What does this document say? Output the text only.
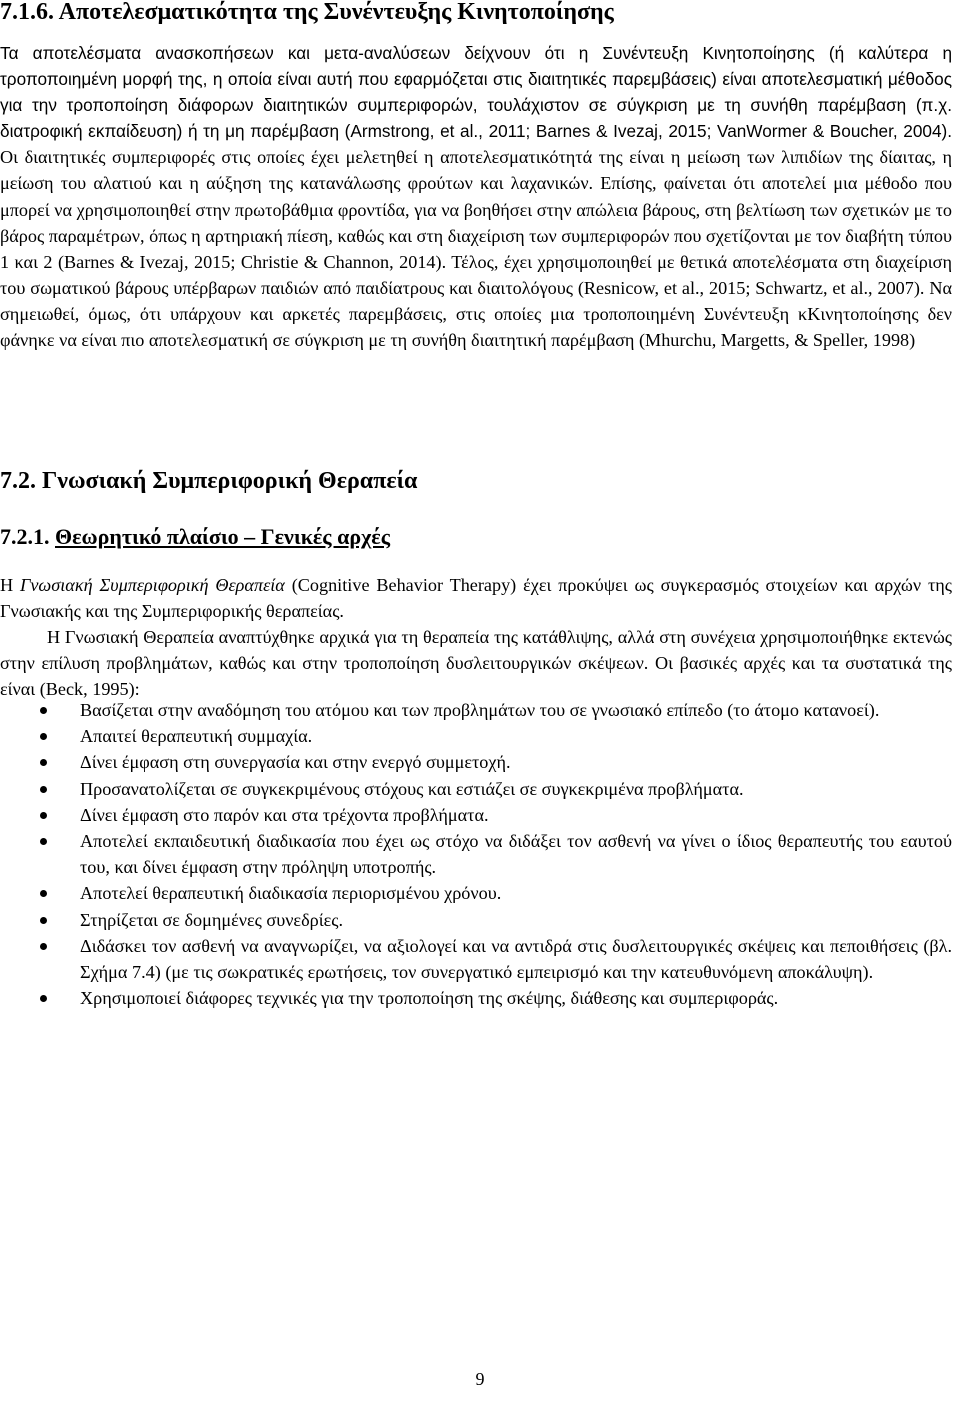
7.1.6. Αποτελεσματικότητα της Συνέντευξης Κινητοποίησης

Τα αποτελέσματα ανασκοπήσεων και μετα-αναλύσεων δείχνουν ότι η Συνέντευξη Κινητοποίησης (ή καλύτερα η τροποποιημένη μορφή της, η οποία είναι αυτή που εφαρμόζεται στις διαιτητικές παρεμβάσεις) είναι αποτελεσματική μέθοδος για την τροποποίηση διάφορων διαιτητικών συμπεριφορών, τουλάχιστον σε σύγκριση με τη συνήθη παρέμβαση (π.χ. διατροφική εκπαίδευση) ή τη μη παρέμβαση (Armstrong, et al., 2011; Barnes & Ivezaj, 2015; VanWormer & Boucher, 2004). Οι διαιτητικές συμπεριφορές στις οποίες έχει μελετηθεί η αποτελεσματικότητά της είναι η μείωση των λιπιδίων της δίαιτας, η μείωση του αλατιού και η αύξηση της κατανάλωσης φρούτων και λαχανικών. Επίσης, φαίνεται ότι αποτελεί μια μέθοδο που μπορεί να χρησιμοποιηθεί στην πρωτοβάθμια φροντίδα, για να βοηθήσει στην απώλεια βάρους, στη βελτίωση των σχετικών με το βάρος παραμέτρων, όπως η αρτηριακή πίεση, καθώς και στη διαχείριση των συμπεριφορών που σχετίζονται με τον διαβήτη τύπου 1 και 2 (Barnes & Ivezaj, 2015; Christie & Channon, 2014). Τέλος, έχει χρησιμοποιηθεί με θετικά αποτελέσματα στη διαχείριση του σωματικού βάρους υπέρβαρων παιδιών από παιδίατρους και διαιτολόγους (Resnicow, et al., 2015; Schwartz, et al., 2007). Να σημειωθεί, όμως, ότι υπάρχουν και αρκετές παρεμβάσεις, στις οποίες μια τροποποιημένη Συνέντευξη κΚινητοποίησης δεν φάνηκε να είναι πιο αποτελεσματική σε σύγκριση με τη συνήθη διαιτητική παρέμβαση (Mhurchu, Margetts, & Speller, 1998)

7.2. Γνωσιακή Συμπεριφορική Θεραπεία
7.2.1. Θεωρητικό πλαίσιο – Γενικές αρχές

Η Γνωσιακή Συμπεριφορική Θεραπεία (Cognitive Behavior Therapy) έχει προκύψει ως συγκερασμός στοιχείων και αρχών της Γνωσιακής και της Συμπεριφορικής θεραπείας.

Η Γνωσιακή Θεραπεία αναπτύχθηκε αρχικά για τη θεραπεία της κατάθλιψης, αλλά στη συνέχεια χρησιμοποιήθηκε εκτενώς στην επίλυση προβλημάτων, καθώς και στην τροποποίηση δυσλειτουργικών σκέψεων. Οι βασικές αρχές και τα συστατικά της είναι (Beck, 1995):

Βασίζεται στην αναδόμηση του ατόμου και των προβλημάτων του σε γνωσιακό επίπεδο (το άτομο κατανοεί).
Απαιτεί θεραπευτική συμμαχία.
Δίνει έμφαση στη συνεργασία και στην ενεργό συμμετοχή.
Προσανατολίζεται σε συγκεκριμένους στόχους και εστιάζει σε συγκεκριμένα προβλήματα.
Δίνει έμφαση στο παρόν και στα τρέχοντα προβλήματα.
Αποτελεί εκπαιδευτική διαδικασία που έχει ως στόχο να διδάξει τον ασθενή να γίνει ο ίδιος θεραπευτής του εαυτού του, και δίνει έμφαση στην πρόληψη υποτροπής.
Αποτελεί θεραπευτική διαδικασία περιορισμένου χρόνου.
Στηρίζεται σε δομημένες συνεδρίες.
Διδάσκει τον ασθενή να αναγνωρίζει, να αξιολογεί και να αντιδρά στις δυσλειτουργικές σκέψεις και πεποιθήσεις (βλ. Σχήμα 7.4) (με τις σωκρατικές ερωτήσεις, τον συνεργατικό εμπειρισμό και την κατευθυνόμενη αποκάλυψη).
Χρησιμοποιεί διάφορες τεχνικές για την τροποποίηση της σκέψης, διάθεσης και συμπεριφοράς.
9
